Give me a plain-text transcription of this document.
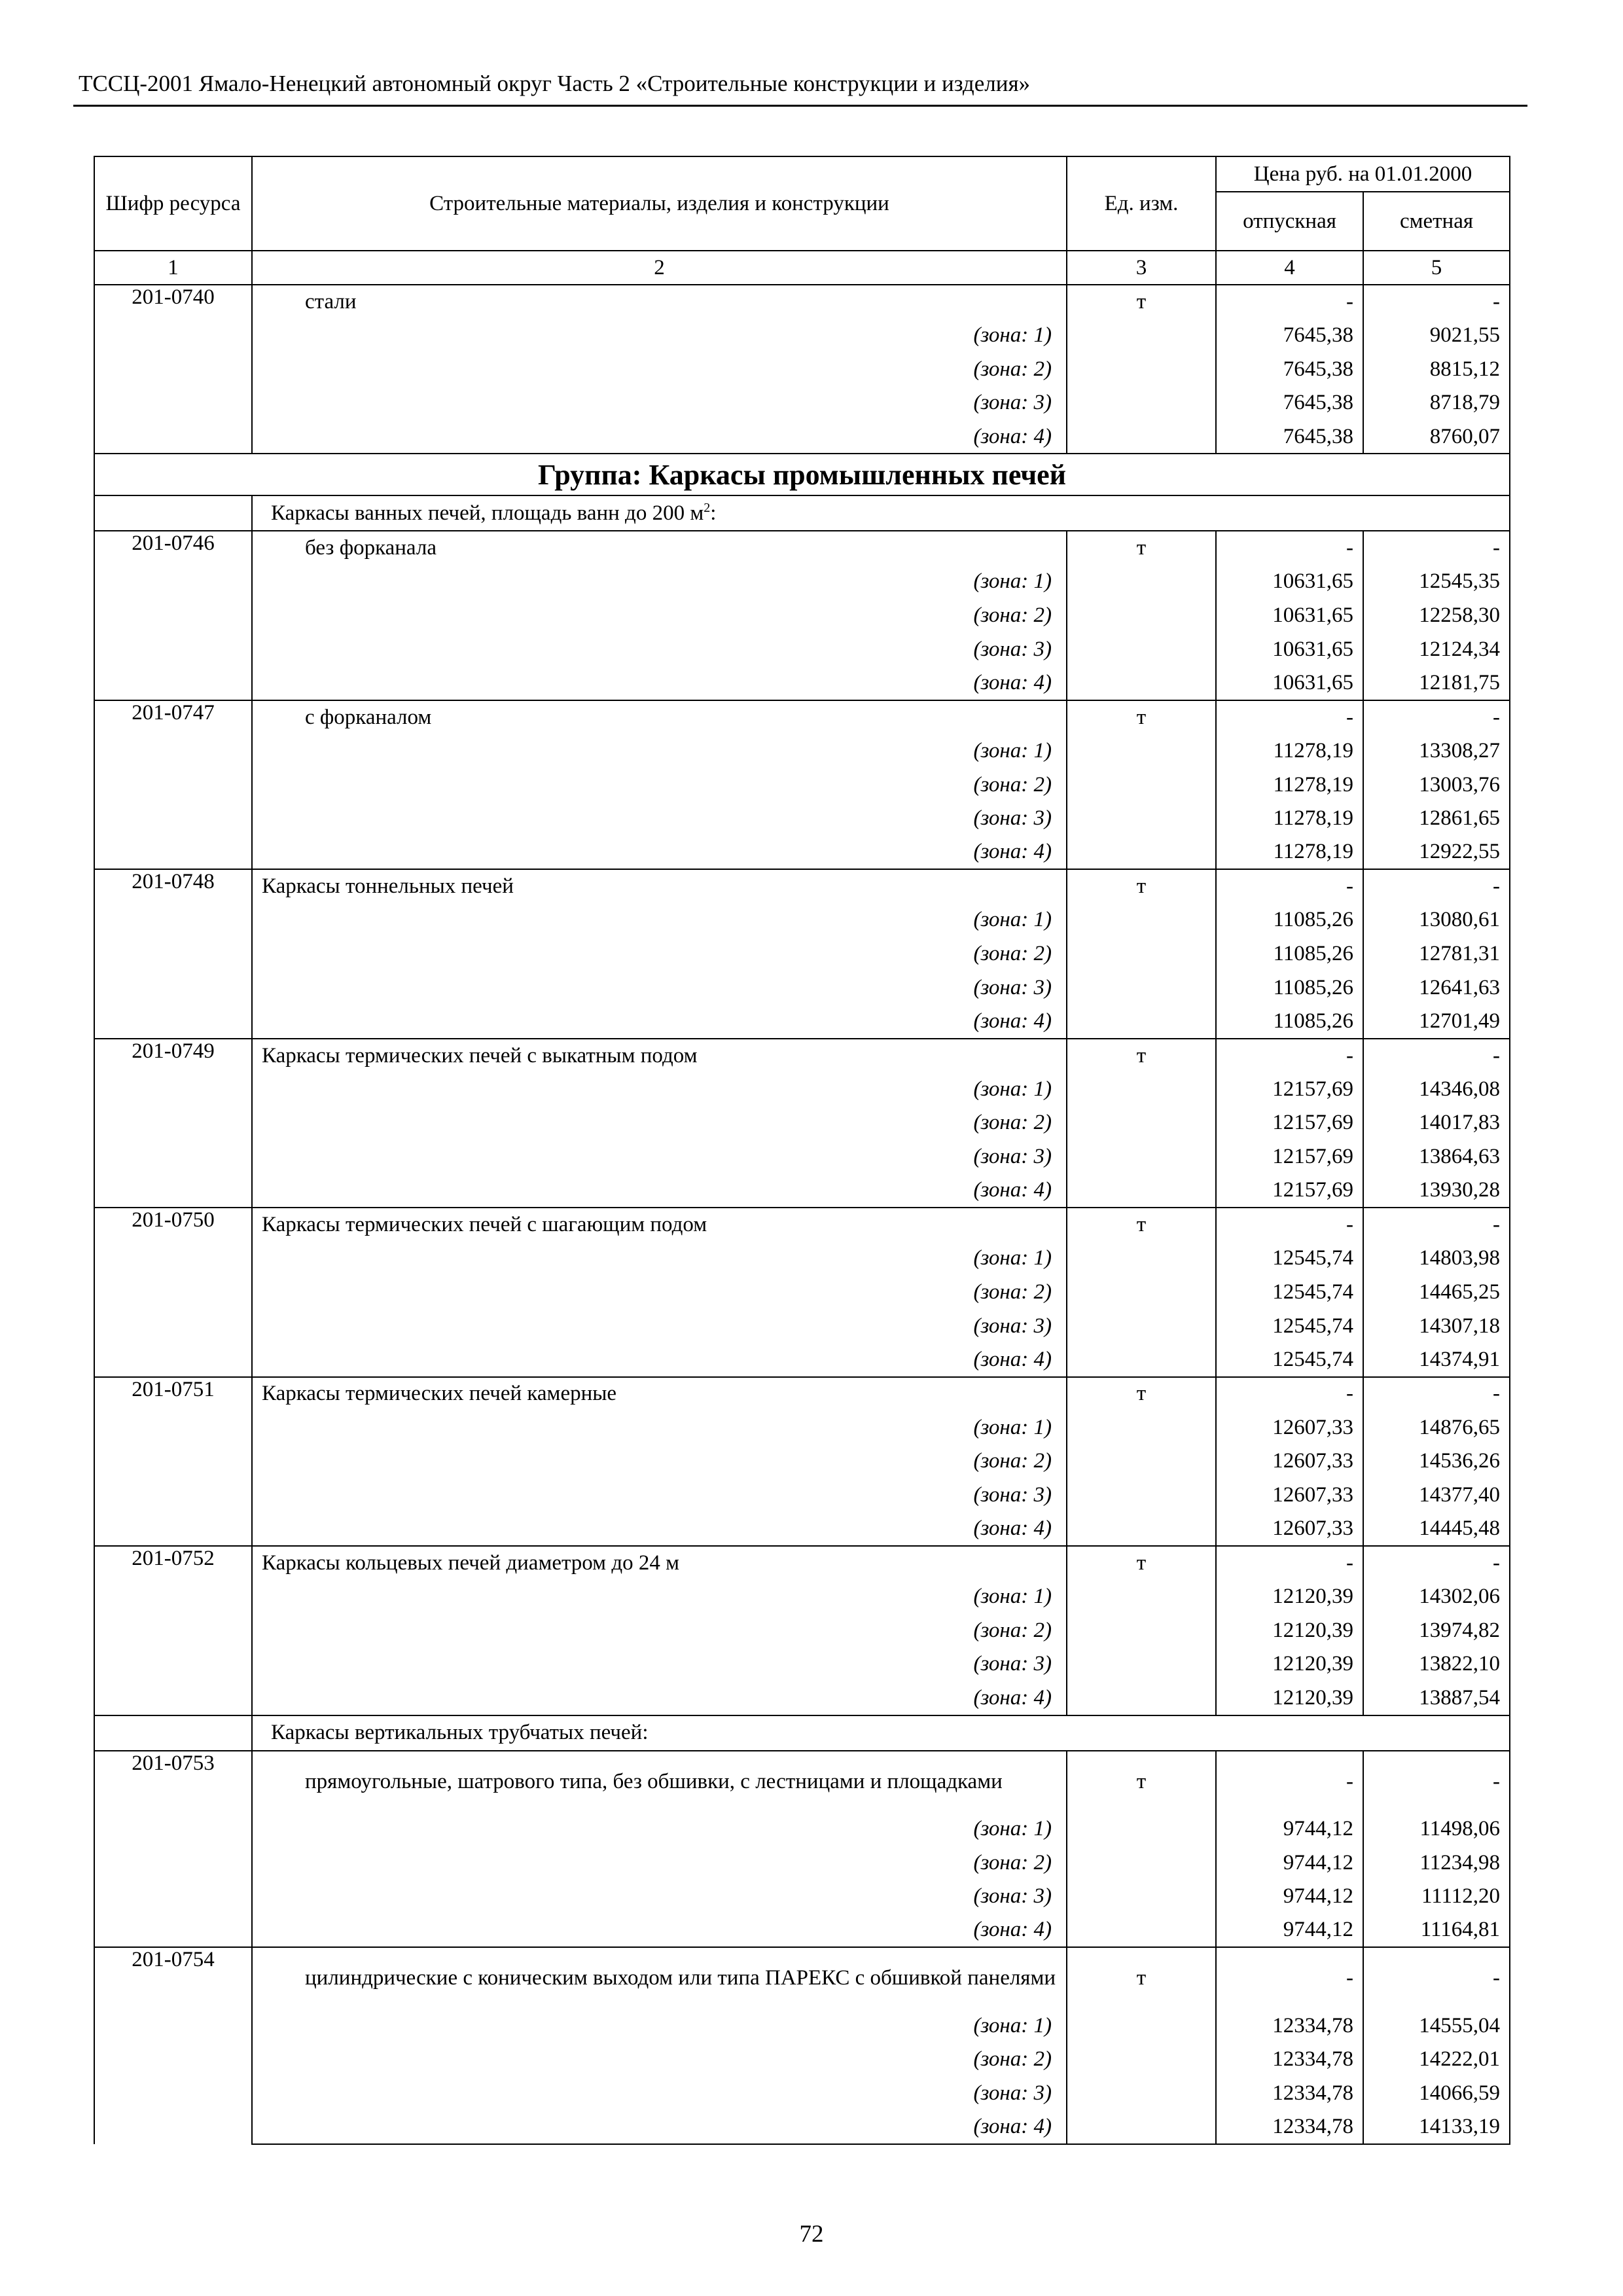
ТССЦ-2001 Ямало-Ненецкий автономный округ Часть 2 «Строительные конструкции и изделия»
Шифр ресурса	Строительные материалы, изделия и конструкции	Ед. изм.	Цена руб. на 01.01.2000	
			отпускная	сметная
1	2	3	4	5
201-0740	стали	т	-	-
	(зона: 1)		7645,38	9021,55
	(зона: 2)		7645,38	8815,12
	(зона: 3)		7645,38	8718,79
	(зона: 4)		7645,38	8760,07
Группа: Каркасы промышленных печей				
	Каркасы ванных печей, площадь ванн до 200 $м^2$:			
201-0746	без форканала	т	-	-
	(зона: 1)		10631,65	12545,35
	(зона: 2)		10631,65	12258,30
	(зона: 3)		10631,65	12124,34
	(зона: 4)		10631,65	12181,75
201-0747	с форканалом	т	-	-
	(зона: 1)		11278,19	13308,27
	(зона: 2)		11278,19	13003,76
	(зона: 3)		11278,19	12861,65
	(зона: 4)		11278,19	12922,55
201-0748	Каркасы тоннельных печей	т	-	-
	(зона: 1)		11085,26	13080,61
	(зона: 2)		11085,26	12781,31
	(зона: 3)		11085,26	12641,63
	(зона: 4)		11085,26	12701,49
201-0749	Каркасы термических печей с выкатным подом	т	-	-
	(зона: 1)		12157,69	14346,08
	(зона: 2)		12157,69	14017,83
	(зона: 3)		12157,69	13864,63
	(зона: 4)		12157,69	13930,28
201-0750	Каркасы термических печей с шагающим подом	т	-	-
	(зона: 1)		12545,74	14803,98
	(зона: 2)		12545,74	14465,25
	(зона: 3)		12545,74	14307,18
	(зона: 4)		12545,74	14374,91
201-0751	Каркасы термических печей камерные	т	-	-
	(зона: 1)		12607,33	14876,65
	(зона: 2)		12607,33	14536,26
	(зона: 3)		12607,33	14377,40
	(зона: 4)		12607,33	14445,48
201-0752	Каркасы кольцевых печей диаметром до 24 м	т	-	-
	(зона: 1)		12120,39	14302,06
	(зона: 2)		12120,39	13974,82
	(зона: 3)		12120,39	13822,10
	(зона: 4)		12120,39	13887,54
	Каркасы вертикальных трубчатых печей:			
201-0753	прямоугольные, шатрового типа, без обшивки, с лестницами и площадками	т	-	-
	(зона: 1)		9744,12	11498,06
	(зона: 2)		9744,12	11234,98
	(зона: 3)		9744,12	11112,20
	(зона: 4)		9744,12	11164,81
201-0754	цилиндрические с коническим выходом или типа ПАРЕКС с обшивкой панелями	т	-	-
	(зона: 1)		12334,78	14555,04
	(зона: 2)		12334,78	14222,01
	(зона: 3)		12334,78	14066,59
	(зона: 4)		12334,78	14133,19
72
